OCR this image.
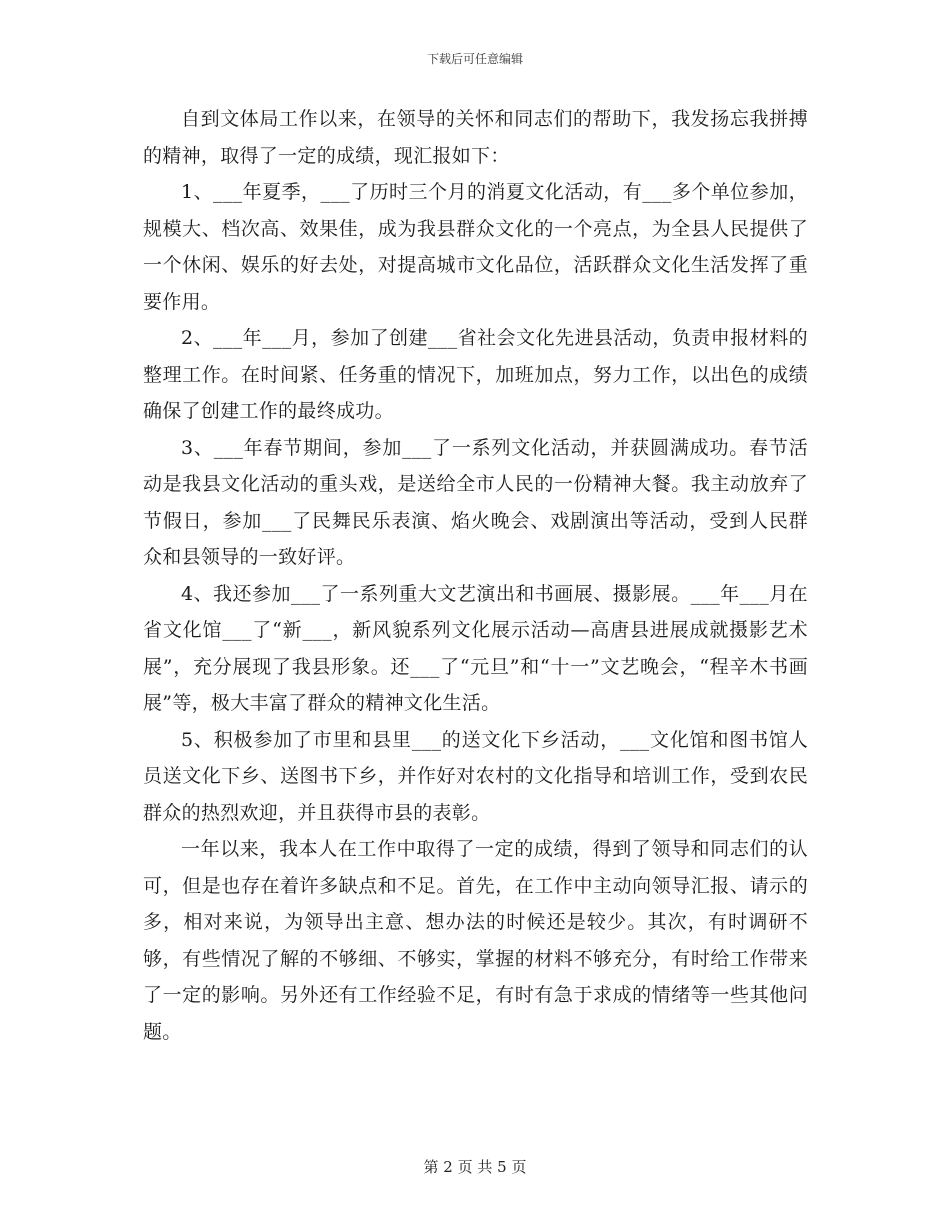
下载后可任意编辑

自到文体局工作以来，在领导的关怀和同志们的帮助下，我发扬忘我拼搏的精神，取得了一定的成绩，现汇报如下：

1、___年夏季，___了历时三个月的消夏文化活动，有___多个单位参加，规模大、档次高、效果佳，成为我县群众文化的一个亮点，为全县人民提供了一个休闲、娱乐的好去处，对提高城市文化品位，活跃群众文化生活发挥了重要作用。

2、___年___月，参加了创建___省社会文化先进县活动，负责申报材料的整理工作。在时间紧、任务重的情况下，加班加点，努力工作，以出色的成绩确保了创建工作的最终成功。

3、___年春节期间，参加___了一系列文化活动，并获圆满成功。春节活动是我县文化活动的重头戏，是送给全市人民的一份精神大餐。我主动放弃了节假日，参加___了民舞民乐表演、焰火晚会、戏剧演出等活动，受到人民群众和县领导的一致好评。

4、我还参加___了一系列重大文艺演出和书画展、摄影展。___年___月在省文化馆___了“新___，新风貌系列文化展示活动—高唐县进展成就摄影艺术展”，充分展现了我县形象。还___了“元旦”和“十一”文艺晚会，“程辛木书画展”等，极大丰富了群众的精神文化生活。

5、积极参加了市里和县里___的送文化下乡活动，___文化馆和图书馆人员送文化下乡、送图书下乡，并作好对农村的文化指导和培训工作，受到农民群众的热烈欢迎，并且获得市县的表彰。

一年以来，我本人在工作中取得了一定的成绩，得到了领导和同志们的认可，但是也存在着许多缺点和不足。首先，在工作中主动向领导汇报、请示的多，相对来说，为领导出主意、想办法的时候还是较少。其次，有时调研不够，有些情况了解的不够细、不够实，掌握的材料不够充分，有时给工作带来了一定的影响。另外还有工作经验不足，有时有急于求成的情绪等一些其他问题。

第 2 页 共 5 页
